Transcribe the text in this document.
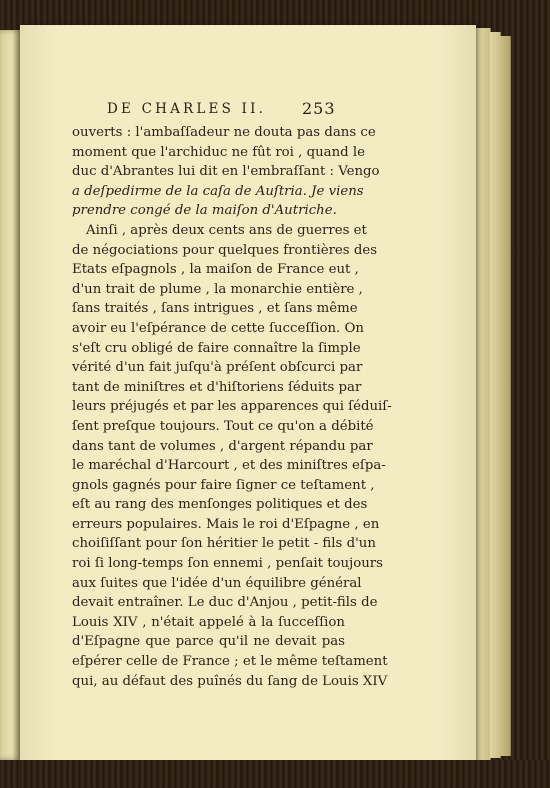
DE CHARLES II.	253
ouverts : l'ambaſſadeur ne douta pas dans ce
moment que l'archiduc ne fût roi , quand le
duc d'Abrantes lui dit en l'embraſſant : Vengo
a deſpedirme de la caſa de Auſtria. Je viens
prendre congé de la maiſon d'Autriche.
Ainſi , après deux cents ans de guerres et
de négociations pour quelques frontières des
Etats eſpagnols , la maiſon de France eut ,
d'un trait de plume , la monarchie entière ,
ſans traités , ſans intrigues , et ſans même
avoir eu l'eſpérance de cette ſucceſſion. On
s'eſt cru obligé de faire connaître la ſimple
vérité d'un fait juſqu'à préſent obſcurci par
tant de miniſtres et d'hiſtoriens ſéduits par
leurs préjugés et par les apparences qui ſéduiſ-
ſent preſque toujours. Tout ce qu'on a débité
dans tant de volumes , d'argent répandu par
le maréchal d'Harcourt , et des miniſtres eſpa-
gnols gagnés pour faire ſigner ce teſtament ,
eſt au rang des menſonges politiques et des
erreurs populaires. Mais le roi d'Eſpagne , en
choiſiſſant pour ſon héritier le petit - fils d'un
roi ſi long-temps ſon ennemi , penſait toujours
aux ſuites que l'idée d'un équilibre général
devait entraîner. Le duc d'Anjou , petit-fils de
Louis XIV , n'était appelé à la ſucceſſion
d'Eſpagne que parce qu'il ne devait pas
eſpérer celle de France ; et le même teſtament
qui, au défaut des puînés du ſang de Louis XIV
